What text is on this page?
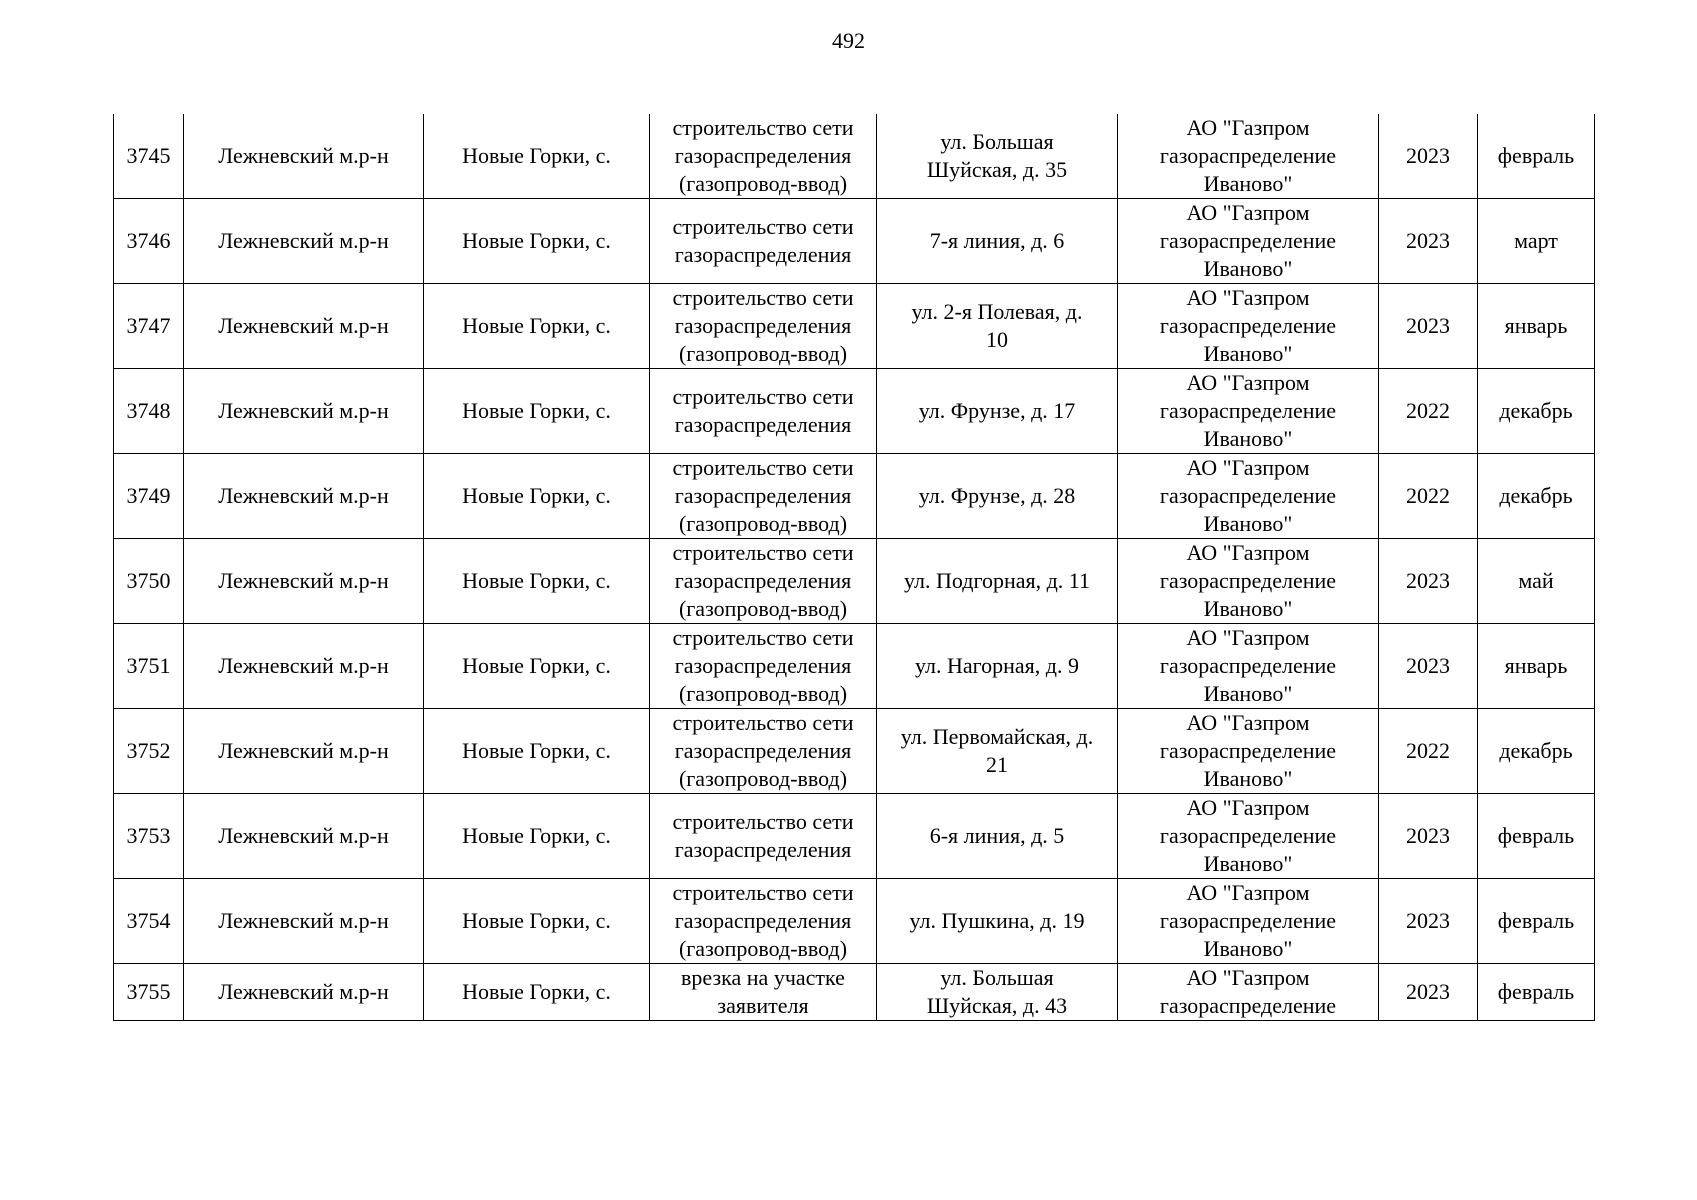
492
3745	Лежневский м.р-н	Новые Горки, с.	строительство сети
газораспределения
(газопровод-ввод)	ул. Большая
Шуйская, д. 35	АО "Газпром
газораспределение
Иваново"	2023	февраль

3746	Лежневский м.р-н	Новые Горки, с.	строительство сети
газораспределения	7-я линия, д. 6	АО "Газпром
газораспределение
Иваново"	2023	март

3747	Лежневский м.р-н	Новые Горки, с.	строительство сети
газораспределения
(газопровод-ввод)	ул. 2-я Полевая, д.
10	АО "Газпром
газораспределение
Иваново"	2023	январь

3748	Лежневский м.р-н	Новые Горки, с.	строительство сети
газораспределения	ул. Фрунзе, д. 17	АО "Газпром
газораспределение
Иваново"	2022	декабрь

3749	Лежневский м.р-н	Новые Горки, с.	строительство сети
газораспределения
(газопровод-ввод)	ул. Фрунзе, д. 28	АО "Газпром
газораспределение
Иваново"	2022	декабрь

3750	Лежневский м.р-н	Новые Горки, с.	строительство сети
газораспределения
(газопровод-ввод)	ул. Подгорная, д. 11	АО "Газпром
газораспределение
Иваново"	2023	май

3751	Лежневский м.р-н	Новые Горки, с.	строительство сети
газораспределения
(газопровод-ввод)	ул. Нагорная, д. 9	АО "Газпром
газораспределение
Иваново"	2023	январь

3752	Лежневский м.р-н	Новые Горки, с.	строительство сети
газораспределения
(газопровод-ввод)	ул. Первомайская, д.
21	АО "Газпром
газораспределение
Иваново"	2022	декабрь

3753	Лежневский м.р-н	Новые Горки, с.	строительство сети
газораспределения	6-я линия, д. 5	АО "Газпром
газораспределение
Иваново"	2023	февраль

3754	Лежневский м.р-н	Новые Горки, с.	строительство сети
газораспределения
(газопровод-ввод)	ул. Пушкина, д. 19	АО "Газпром
газораспределение
Иваново"	2023	февраль

3755	Лежневский м.р-н	Новые Горки, с.	врезка на участке
заявителя	ул. Большая
Шуйская, д. 43	АО "Газпром
газораспределение	2023	февраль
